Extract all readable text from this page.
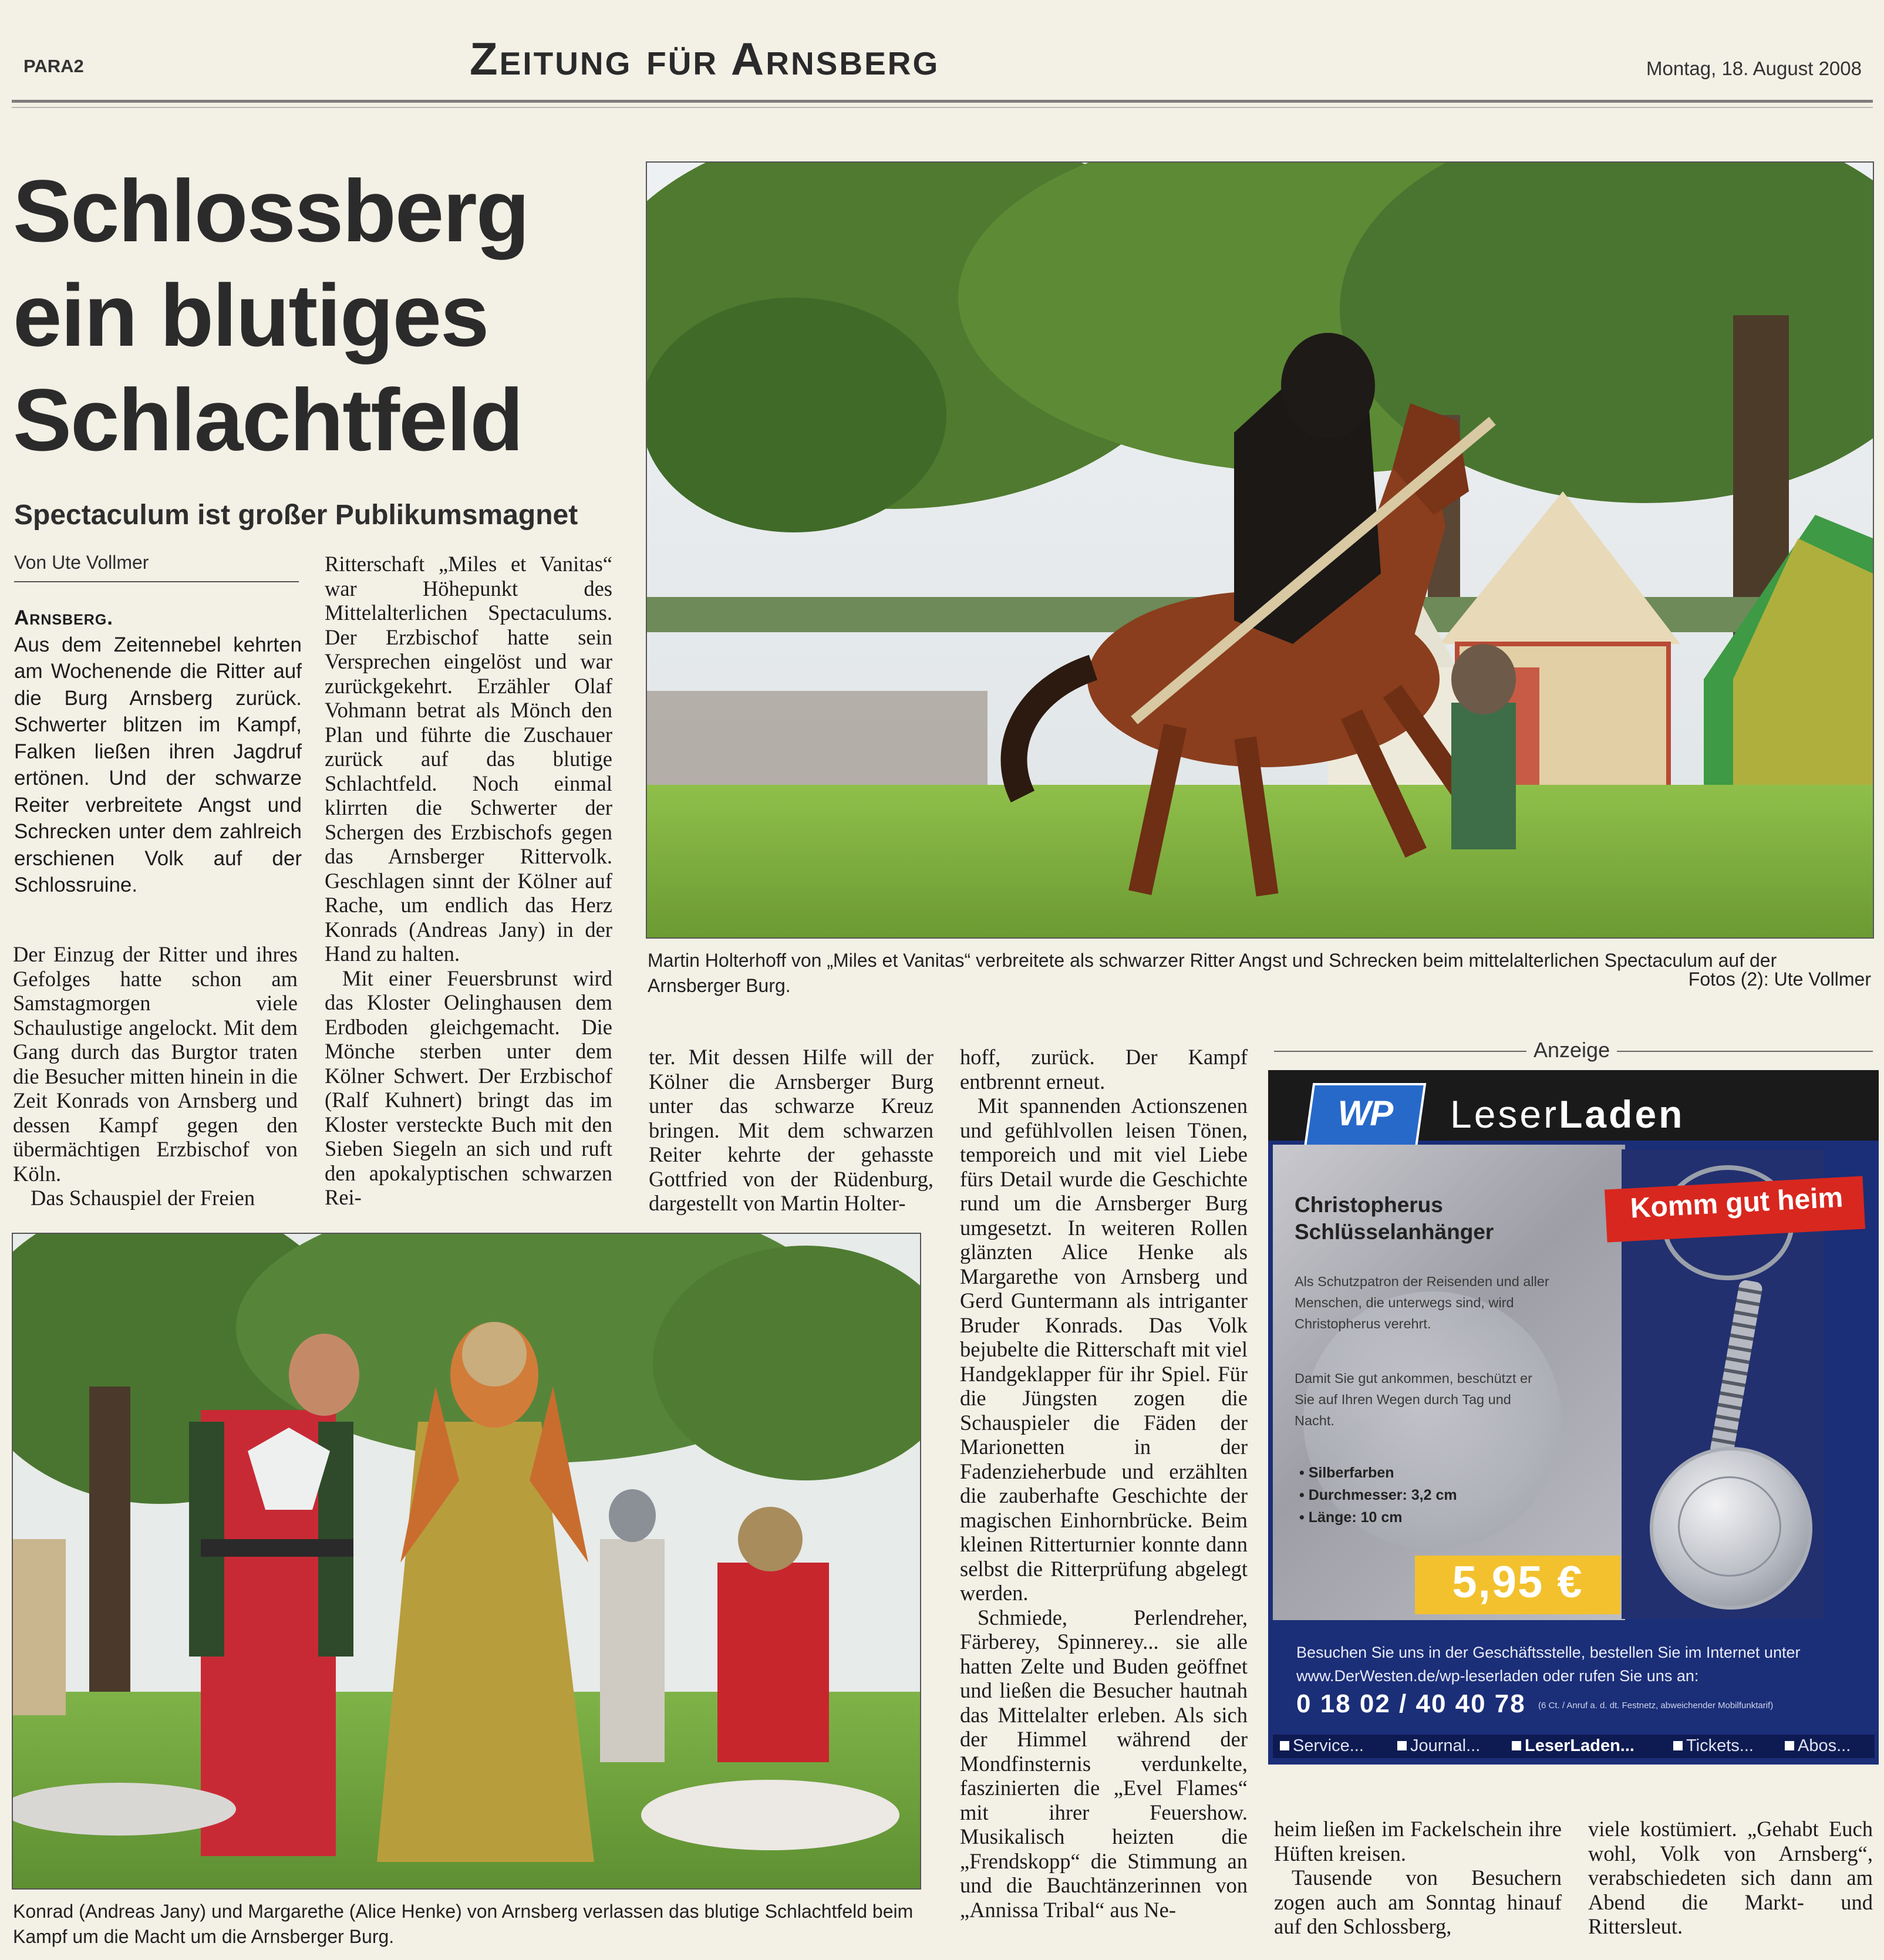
PARA2	Zeitung für Arnsberg	Montag, 18. August 2008
Schlossberg
ein blutiges
Schlachtfeld
Spectaculum ist großer Publikumsmagnet
Von Ute Vollmer
Arnsberg.
Aus dem Zeitennebel kehrten am Wochenende die Ritter auf die Burg Arnsberg zurück. Schwerter blitzen im Kampf, Falken ließen ihren Jagdruf ertönen. Und der schwarze Reiter verbreitete Angst und Schrecken unter dem zahlreich erschienen Volk auf der Schlossruine.

Der Einzug der Ritter und ihres Gefolges hatte schon am Samstagmorgen viele Schaulustige angelockt. Mit dem Gang durch das Burgtor traten die Besucher mitten hinein in die Zeit Konrads von Arnsberg und dessen Kampf gegen den übermächtigen Erzbischof von Köln.

Das Schauspiel der Freien

Ritterschaft „Miles et Vanitas“ war Höhepunkt des Mittelalterlichen Spectaculums. Der Erzbischof hatte sein Versprechen eingelöst und war zurückgekehrt. Erzähler Olaf Vohmann betrat als Mönch den Plan und führte die Zuschauer zurück auf das blutige Schlachtfeld. Noch einmal klirrten die Schwerter der Schergen des Erzbischofs gegen das Arnsberger Rittervolk. Geschlagen sinnt der Kölner auf Rache, um endlich das Herz Konrads (Andreas Jany) in der Hand zu halten.

Mit einer Feuersbrunst wird das Kloster Oelinghausen dem Erdboden gleichgemacht. Die Mönche sterben unter dem Kölner Schwert. Der Erzbischof (Ralf Kuhnert) bringt das im Kloster versteckte Buch mit den Sieben Siegeln an sich und ruft den apokalyptischen schwarzen Rei-

ter. Mit dessen Hilfe will der Kölner die Arnsberger Burg unter das schwarze Kreuz bringen. Mit dem schwarzen Reiter kehrte der gehasste Gottfried von der Rüdenburg, dargestellt von Martin Holter-

hoff, zurück. Der Kampf entbrennt erneut.

Mit spannenden Actionszenen und gefühlvollen leisen Tönen, temporeich und mit viel Liebe fürs Detail wurde die Geschichte rund um die Arnsberger Burg umgesetzt. In weiteren Rollen glänzten Alice Henke als Margarethe von Arnsberg und Gerd Guntermann als intriganter Bruder Konrads. Das Volk bejubelte die Ritterschaft mit viel Handgeklapper für ihr Spiel. Für die Jüngsten zogen die Schauspieler die Fäden der Marionetten in der Fadenzieherbude und erzählten die zauberhafte Geschichte der magischen Einhornbrücke. Beim kleinen Ritterturnier konnte dann selbst die Ritterprüfung abgelegt werden.

Schmiede, Perlendreher, Färberey, Spinnerey... sie alle hatten Zelte und Buden geöffnet und ließen die Besucher hautnah das Mittelalter erleben. Als sich der Himmel während der Mondfinsternis verdunkelte, faszinierten die „Evel Flames“ mit ihrer Feuershow. Musikalisch heizten die „Frendskopp“ die Stimmung an und die Bauchtänzerinnen von „Annissa Tribal“ aus Ne-

heim ließen im Fackelschein ihre Hüften kreisen.

Tausende von Besuchern zogen auch am Sonntag hinauf auf den Schlossberg,

viele kostümiert. „Gehabt Euch wohl, Volk von Arnsberg“, verabschiedeten sich dann am Abend die Markt- und Rittersleut.

Martin Holterhoff von „Miles et Vanitas“ verbreitete als schwarzer Ritter Angst und Schrecken beim mittelalterlichen Spectaculum auf der Arnsberger Burg.	Fotos (2): Ute Vollmer
Konrad (Andreas Jany) und Margarethe (Alice Henke) von Arnsberg verlassen das blutige Schlachtfeld beim Kampf um die Macht um die Arnsberger Burg.
Anzeige
WP	LeserLaden
Komm gut heim
Christopherus
Schlüsselanhänger
Als Schutzpatron der Reisenden und aller Menschen, die unterwegs sind, wird Christopherus verehrt.
Damit Sie gut ankommen, beschützt er Sie auf Ihren Wegen durch Tag und Nacht.
• Silberfarben
• Durchmesser: 3,2 cm
• Länge: 10 cm
5,95 €
Besuchen Sie uns in der Geschäftsstelle, bestellen Sie im Internet unter www.DerWesten.de/wp-leserladen oder rufen Sie uns an:
0 18 02 / 40 40 78 (6 Ct. / Anruf a. d. dt. Festnetz, abweichender Mobilfunktarif)
Service...	Journal...	LeserLaden...	Tickets...	Abos...
